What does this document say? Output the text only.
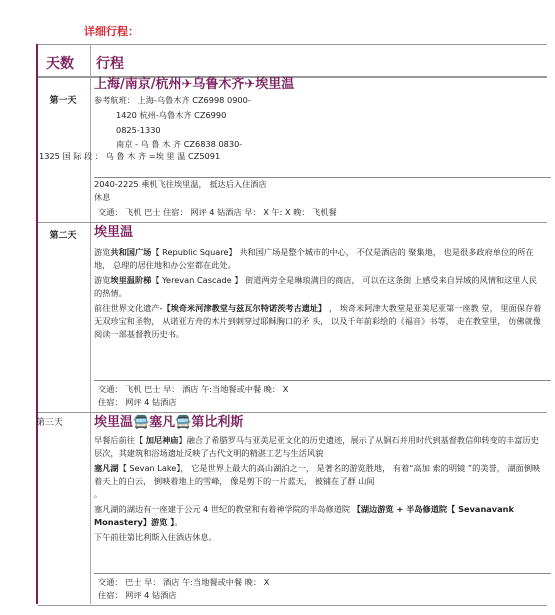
详细行程：
天数 行程
第一天
上海/南京/杭州✈乌鲁木齐✈埃里温
参考航班： 上海-乌鲁木齐 CZ6998 0900-
1420 杭州-乌鲁木齐 CZ6990
0825-1330
南京 - 乌 鲁 木 齐 CZ6838 0830-
1325 国 际 段 ： 乌 鲁 木 齐 =埃 里 温 CZ5091
2040-2225 乘机飞往埃里温， 抵达后入住酒店
休息
交通： 飞机 巴士 住宿： 网评 4 钻酒店 早： X 午: X 晚： 飞机餐
第二天	埃里温

游览共和国广场【 Republic Square】 共和国广场是整个城市的中心， 不仅是酒店的 聚集地， 也是很多政府单位的所在地， 总理的居住地和办公室都在此处。

游览埃里温阶梯【 Yerevan Cascade 】 街道两旁全是琳琅满目的商店， 可以在这条街 上感受来自异域的风情和这里人民的热情。

前往世界文化遗产-【埃奇米河津教堂与兹瓦尔特诺茨考古遗址】 ， 埃奇米阿津大教堂是亚美尼亚第一座教 堂， 里面保存着无双珍宝和圣物， 从诺亚方舟的木片到刺穿过耶稣胸口的矛 头， 以及千年前彩绘的《福音》书等， 走在教堂里， 仿佛就像阅读一部基督教历史书。

交通： 飞机 巴士 早： 酒店 午:当地餐或中餐 晚： X
住宿： 网评 4 钻酒店
第三天	埃里温🚍塞凡🚍第比利斯

早餐后前往【 加尼神庙】融合了希腊罗马与亚美尼亚文化的历史遗迹，展示了从铜石并用时代到基督教信仰转变的丰富历史层次，其建筑和浴场遗址反映了古代文明的精湛工艺与生活风貌

塞凡湖【 Sevan Lake】， 它是世界上最大的高山湖泊之一， 是著名的游览胜地， 有着“高加 索的明镜 ”的美誉， 湖面倒映着天上的白云， 倒映着地上的雪峰， 像是剪下的一片蓝天， 被铺在了群 山间
。

塞凡湖的湖边有一座建于公元 4 世纪的教堂和有着神学院的半岛修道院 【湖边游览 + 半岛修道院【 Sevanavank Monastery】游览 】。

下午前往第比利斯入住酒店休息。

交通： 巴士 早： 酒店 午:当地餐或中餐 晚： X
住宿： 网评 4 钻酒店
